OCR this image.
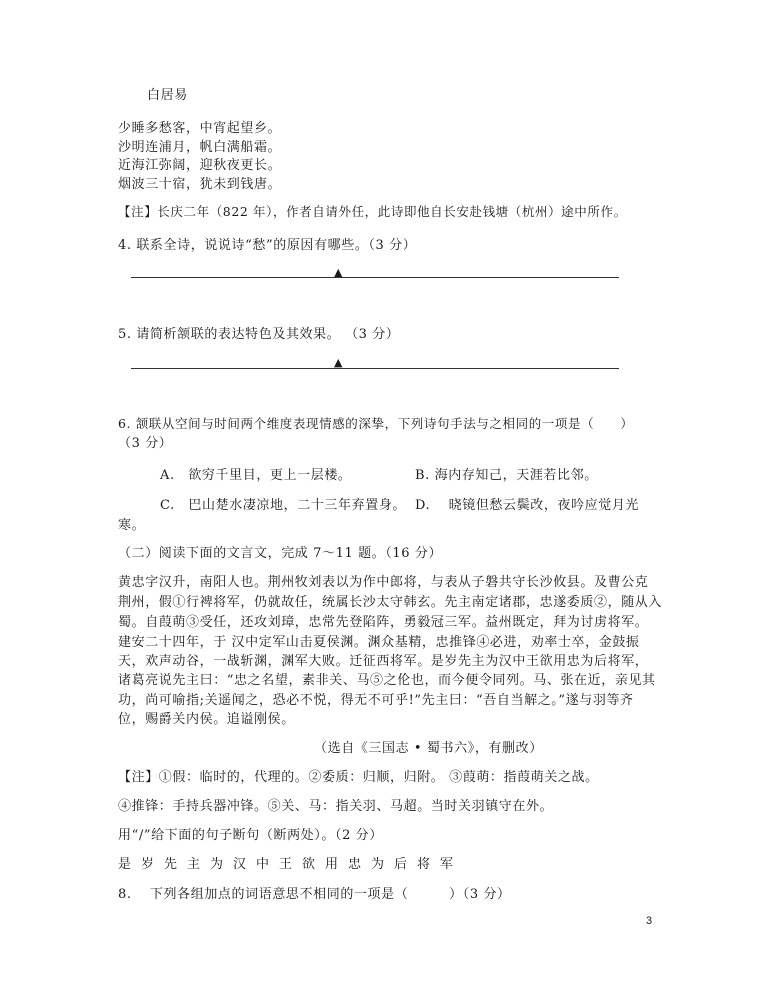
白居易
少睡多愁客，中宵起望乡。
沙明连浦月，帆白满船霜。
近海江弥阔，迎秋夜更长。
烟波三十宿，犹未到钱唐。
【注】长庆二年（822 年），作者自请外任，此诗即他自长安赴钱塘（杭州）途中所作。
4. 联系全诗，说说诗“愁”的原因有哪些。（3 分）
▲
5. 请简析颔联的表达特色及其效果。 （3 分）
▲
6. 颔联从空间与时间两个维度表现情感的深挚，下列诗句手法与之相同的一项是（　　）
（3 分）
A.　欲穷千里目，更上一层楼。	B. 海内存知己，天涯若比邻。
C.　巴山楚水凄凉地，二十三年弃置身。 D.　 晓镜但愁云鬓改，夜吟应觉月光
寒。
（二）阅读下面的文言文，完成 7～11 题。（16 分）
黄忠字汉升，南阳人也。荆州牧刘表以为作中郎将，与表从子磐共守长沙攸县。及曹公克
荆州，假①行裨将军，仍就故任，统属长沙太守韩玄。先主南定诸郡，忠遂委质②，随从入
蜀。自葭萌③受任，还攻刘璋，忠常先登陷阵，勇毅冠三军。益州既定，拜为讨虏将军。
建安二十四年，于 汉中定军山击夏侯渊。渊众基精，忠推锋④必进，劝率士卒，金鼓振
天，欢声动谷，一战斩渊，渊军大败。迁征西将军。是岁先主为汉中王欲用忠为后将军，
诸葛亮说先主曰：“忠之名望，素非关、马⑤之伦也，而今便令同列。马、张在近，亲见其
功，尚可喻指;关遥闻之，恐必不悦，得无不可乎!”先主曰：“吾自当解之。”遂与羽等齐
位，赐爵关内侯。追谥刚侯。
（选自《三国志 • 蜀书六》，有删改）
【注】①假：临时的，代理的。②委质：归顺，归附。 ③葭萌：指葭萌关之战。
④推锋：手持兵器冲锋。⑤关、马：指关羽、马超。当时关羽镇守在外。
用“/”给下面的句子断句（断两处）。（2 分）
是岁先主为汉中王欲用忠为后将军
8.　 下列各组加点的词语意思不相同的一项是（　　　）（3 分）
3
